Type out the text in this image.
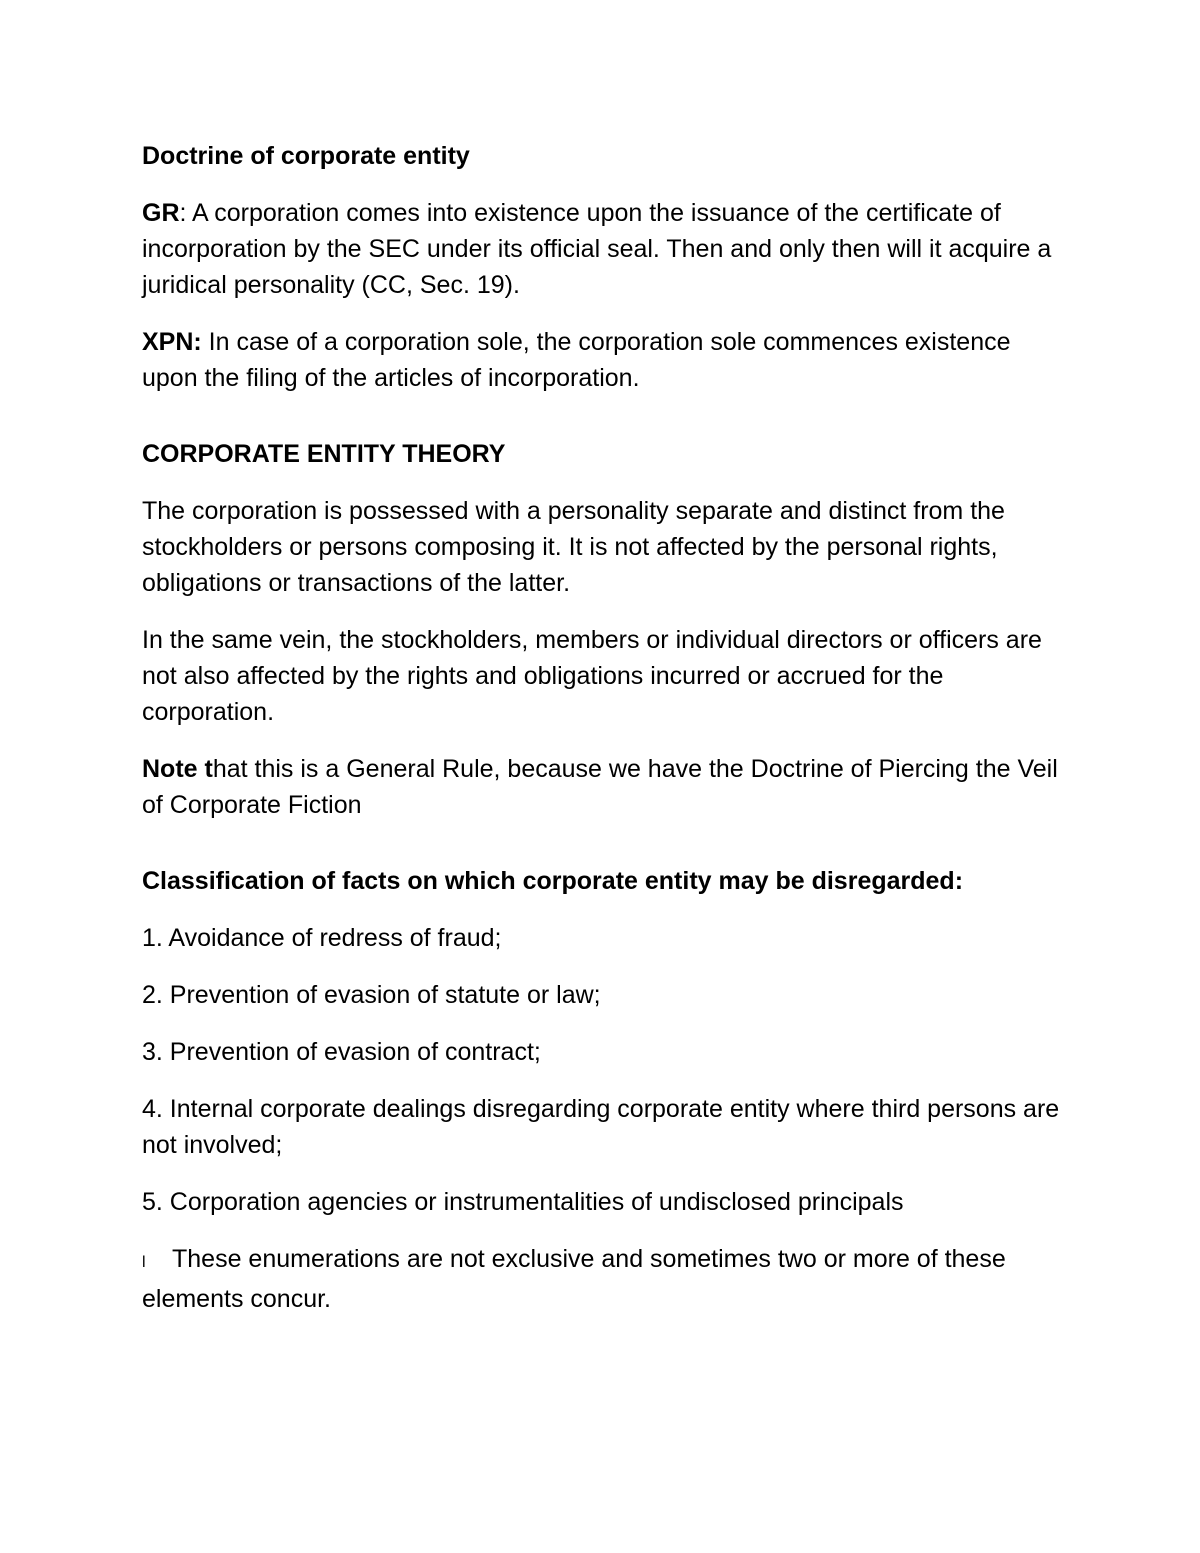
Doctrine of corporate entity

GR: A corporation comes into existence upon the issuance of the certificate of incorporation by the SEC under its official seal. Then and only then will it acquire a juridical personality (CC, Sec. 19).

XPN: In case of a corporation sole, the corporation sole commences existence upon the filing of the articles of incorporation.

CORPORATE ENTITY THEORY

The corporation is possessed with a personality separate and distinct from the stockholders or persons composing it. It is not affected by the personal rights, obligations or transactions of the latter.

In the same vein, the stockholders, members or individual directors or officers are not also affected by the rights and obligations incurred or accrued for the corporation.

Note that this is a General Rule, because we have the Doctrine of Piercing the Veil of Corporate Fiction

Classification of facts on which corporate entity may be disregarded:

1. Avoidance of redress of fraud;

2. Prevention of evasion of statute or law;

3. Prevention of evasion of contract;

4. Internal corporate dealings disregarding corporate entity where third persons are not involved;

5. Corporation agencies or instrumentalities of undisclosed principals

l These enumerations are not exclusive and sometimes two or more of these elements concur.
